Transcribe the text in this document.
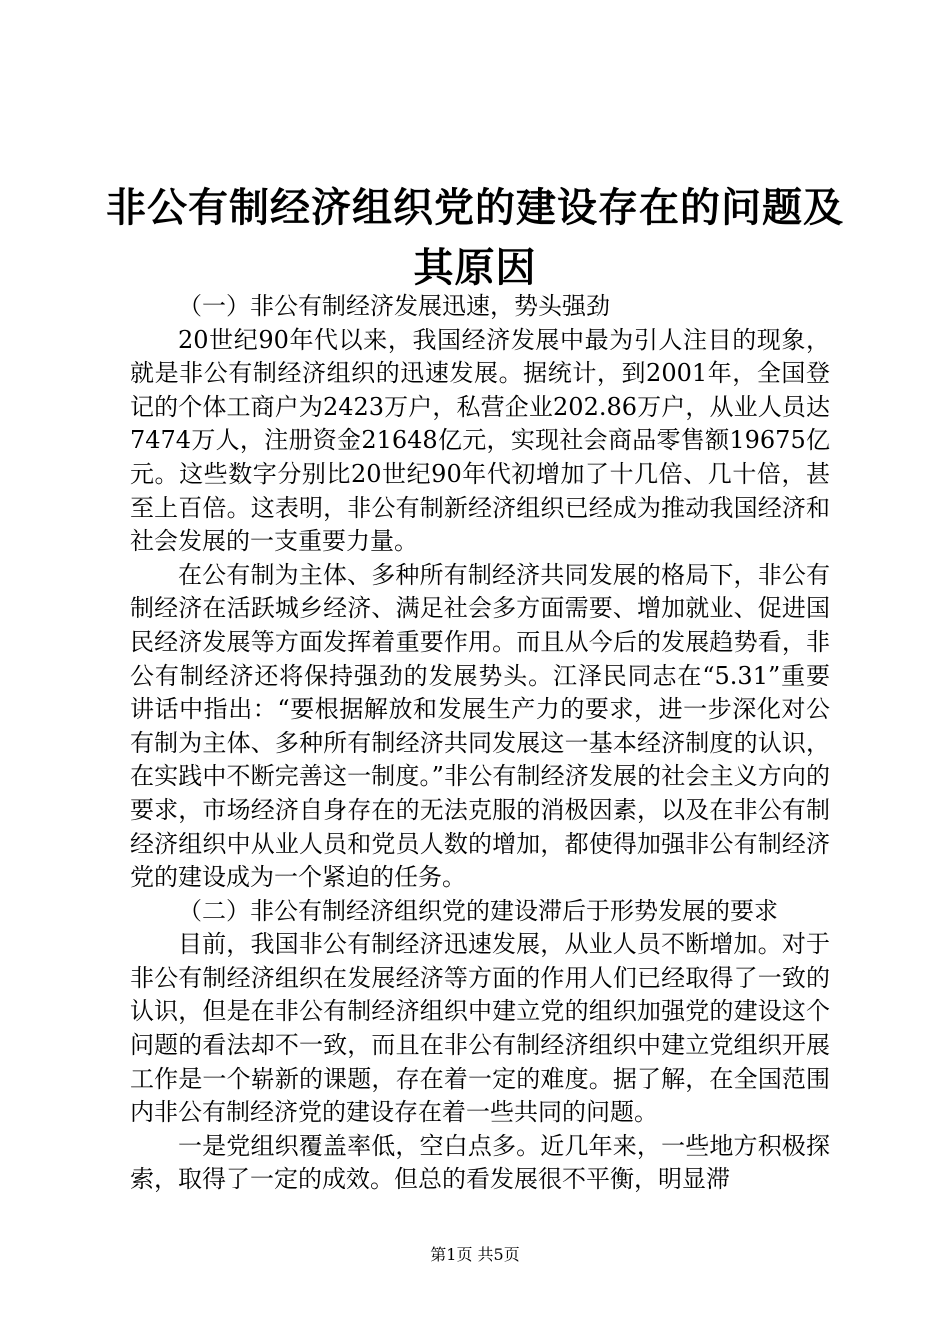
非公有制经济组织党的建设存在的问题及其原因

（一）非公有制经济发展迅速，势头强劲

20世纪90年代以来，我国经济发展中最为引人注目的现象，就是非公有制经济组织的迅速发展。据统计，到2001年，全国登记的个体工商户为2423万户，私营企业202.86万户，从业人员达7474万人，注册资金21648亿元，实现社会商品零售额19675亿元。这些数字分别比20世纪90年代初增加了十几倍、几十倍，甚至上百倍。这表明，非公有制新经济组织已经成为推动我国经济和社会发展的一支重要力量。

在公有制为主体、多种所有制经济共同发展的格局下，非公有制经济在活跃城乡经济、满足社会多方面需要、增加就业、促进国民经济发展等方面发挥着重要作用。而且从今后的发展趋势看，非公有制经济还将保持强劲的发展势头。江泽民同志在“5.31”重要讲话中指出：“要根据解放和发展生产力的要求，进一步深化对公有制为主体、多种所有制经济共同发展这一基本经济制度的认识，在实践中不断完善这一制度。”非公有制经济发展的社会主义方向的要求，市场经济自身存在的无法克服的消极因素，以及在非公有制经济组织中从业人员和党员人数的增加，都使得加强非公有制经济党的建设成为一个紧迫的任务。

（二）非公有制经济组织党的建设滞后于形势发展的要求

目前，我国非公有制经济迅速发展，从业人员不断增加。对于非公有制经济组织在发展经济等方面的作用人们已经取得了一致的认识，但是在非公有制经济组织中建立党的组织加强党的建设这个问题的看法却不一致，而且在非公有制经济组织中建立党组织开展工作是一个崭新的课题，存在着一定的难度。据了解，在全国范围内非公有制经济党的建设存在着一些共同的问题。

一是党组织覆盖率低，空白点多。近几年来，一些地方积极探索，取得了一定的成效。但总的看发展很不平衡，明显滞

第1页 共5页
